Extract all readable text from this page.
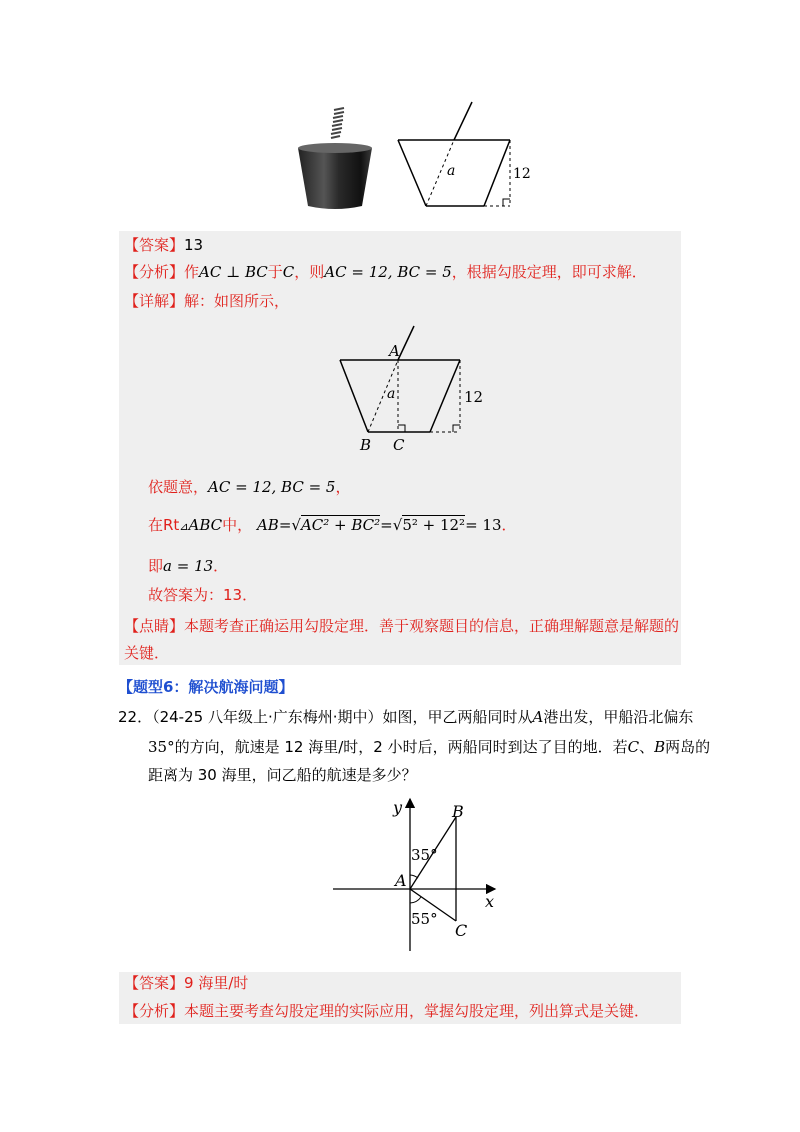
a	12
【答案】13
【分析】作AC ⊥ BC于C，则AC = 12, BC = 5，根据勾股定理，即可求解．
【详解】解：如图所示，
A
a	12
B C
依题意，AC = 12, BC = 5，
在Rt⊿ABC中， AB=√AC² + BC²=√5² + 12²= 13．
即a = 13．
故答案为：13．
【点睛】本题考查正确运用勾股定理．善于观察题目的信息，正确理解题意是解题的
关键．
【题型6：解决航海问题】
22．（24-25 八年级上·广东梅州·期中）如图，甲乙两船同时从A港出发，甲船沿北偏东
35°的方向，航速是 12 海里/时，2 小时后，两船同时到达了目的地．若C、B两岛的
距离为 30 海里，问乙船的航速是多少？
y
x
A
B
C
35°
55°
【答案】9 海里/时
【分析】本题主要考查勾股定理的实际应用，掌握勾股定理，列出算式是关键．
